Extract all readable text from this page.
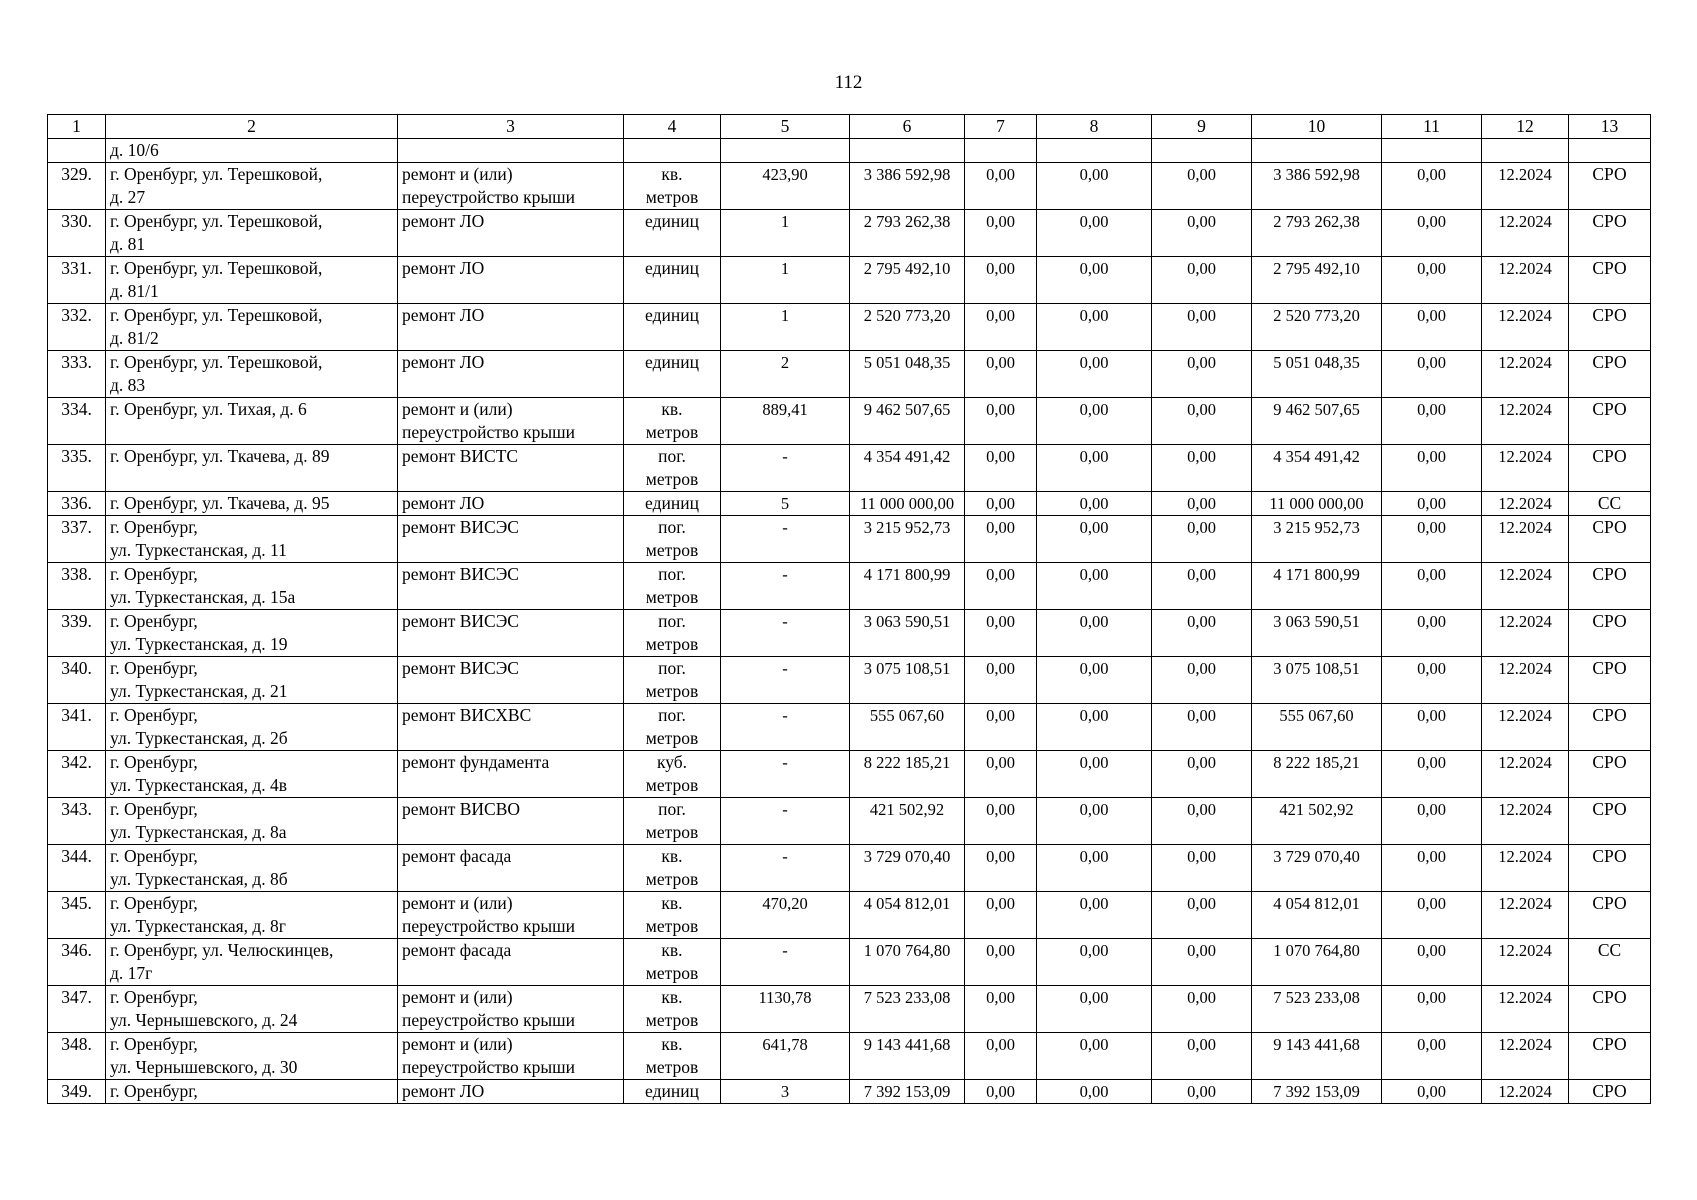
112
1	2	3	4	5	6	7	8	9	10	11	12	13

	д. 10/6											

329.	г. Оренбург, ул. Терешковой,
д. 27	ремонт и (или)
переустройство крыши	кв.
метров	423,90	3 386 592,98	0,00	0,00	0,00	3 386 592,98	0,00	12.2024	СРО
330.	г. Оренбург, ул. Терешковой,
д. 81	ремонт ЛО	единиц	1	2 793 262,38	0,00	0,00	0,00	2 793 262,38	0,00	12.2024	СРО
331.	г. Оренбург, ул. Терешковой,
д. 81/1	ремонт ЛО	единиц	1	2 795 492,10	0,00	0,00	0,00	2 795 492,10	0,00	12.2024	СРО
332.	г. Оренбург, ул. Терешковой,
д. 81/2	ремонт ЛО	единиц	1	2 520 773,20	0,00	0,00	0,00	2 520 773,20	0,00	12.2024	СРО
333.	г. Оренбург, ул. Терешковой,
д. 83	ремонт ЛО	единиц	2	5 051 048,35	0,00	0,00	0,00	5 051 048,35	0,00	12.2024	СРО
334.	г. Оренбург, ул. Тихая, д. 6	ремонт и (или)
переустройство крыши	кв.
метров	889,41	9 462 507,65	0,00	0,00	0,00	9 462 507,65	0,00	12.2024	СРО
335.	г. Оренбург, ул. Ткачева, д. 89	ремонт ВИСТС	пог.
метров	-	4 354 491,42	0,00	0,00	0,00	4 354 491,42	0,00	12.2024	СРО
336.	г. Оренбург, ул. Ткачева, д. 95	ремонт ЛО	единиц	5	11 000 000,00	0,00	0,00	0,00	11 000 000,00	0,00	12.2024	СС
337.	г. Оренбург,
ул. Туркестанская, д. 11	ремонт ВИСЭС	пог.
метров	-	3 215 952,73	0,00	0,00	0,00	3 215 952,73	0,00	12.2024	СРО
338.	г. Оренбург,
ул. Туркестанская, д. 15а	ремонт ВИСЭС	пог.
метров	-	4 171 800,99	0,00	0,00	0,00	4 171 800,99	0,00	12.2024	СРО
339.	г. Оренбург,
ул. Туркестанская, д. 19	ремонт ВИСЭС	пог.
метров	-	3 063 590,51	0,00	0,00	0,00	3 063 590,51	0,00	12.2024	СРО
340.	г. Оренбург,
ул. Туркестанская, д. 21	ремонт ВИСЭС	пог.
метров	-	3 075 108,51	0,00	0,00	0,00	3 075 108,51	0,00	12.2024	СРО
341.	г. Оренбург,
ул. Туркестанская, д. 2б	ремонт ВИСХВС	пог.
метров	-	555 067,60	0,00	0,00	0,00	555 067,60	0,00	12.2024	СРО
342.	г. Оренбург,
ул. Туркестанская, д. 4в	ремонт фундамента	куб.
метров	-	8 222 185,21	0,00	0,00	0,00	8 222 185,21	0,00	12.2024	СРО
343.	г. Оренбург,
ул. Туркестанская, д. 8а	ремонт ВИСВО	пог.
метров	-	421 502,92	0,00	0,00	0,00	421 502,92	0,00	12.2024	СРО
344.	г. Оренбург,
ул. Туркестанская, д. 8б	ремонт фасада	кв.
метров	-	3 729 070,40	0,00	0,00	0,00	3 729 070,40	0,00	12.2024	СРО
345.	г. Оренбург,
ул. Туркестанская, д. 8г	ремонт и (или)
переустройство крыши	кв.
метров	470,20	4 054 812,01	0,00	0,00	0,00	4 054 812,01	0,00	12.2024	СРО
346.	г. Оренбург, ул. Челюскинцев,
д. 17г	ремонт фасада	кв.
метров	-	1 070 764,80	0,00	0,00	0,00	1 070 764,80	0,00	12.2024	СС
347.	г. Оренбург,
ул. Чернышевского, д. 24	ремонт и (или)
переустройство крыши	кв.
метров	1130,78	7 523 233,08	0,00	0,00	0,00	7 523 233,08	0,00	12.2024	СРО
348.	г. Оренбург,
ул. Чернышевского, д. 30	ремонт и (или)
переустройство крыши	кв.
метров	641,78	9 143 441,68	0,00	0,00	0,00	9 143 441,68	0,00	12.2024	СРО
349.	г. Оренбург,	ремонт ЛО	единиц	3	7 392 153,09	0,00	0,00	0,00	7 392 153,09	0,00	12.2024	СРО
